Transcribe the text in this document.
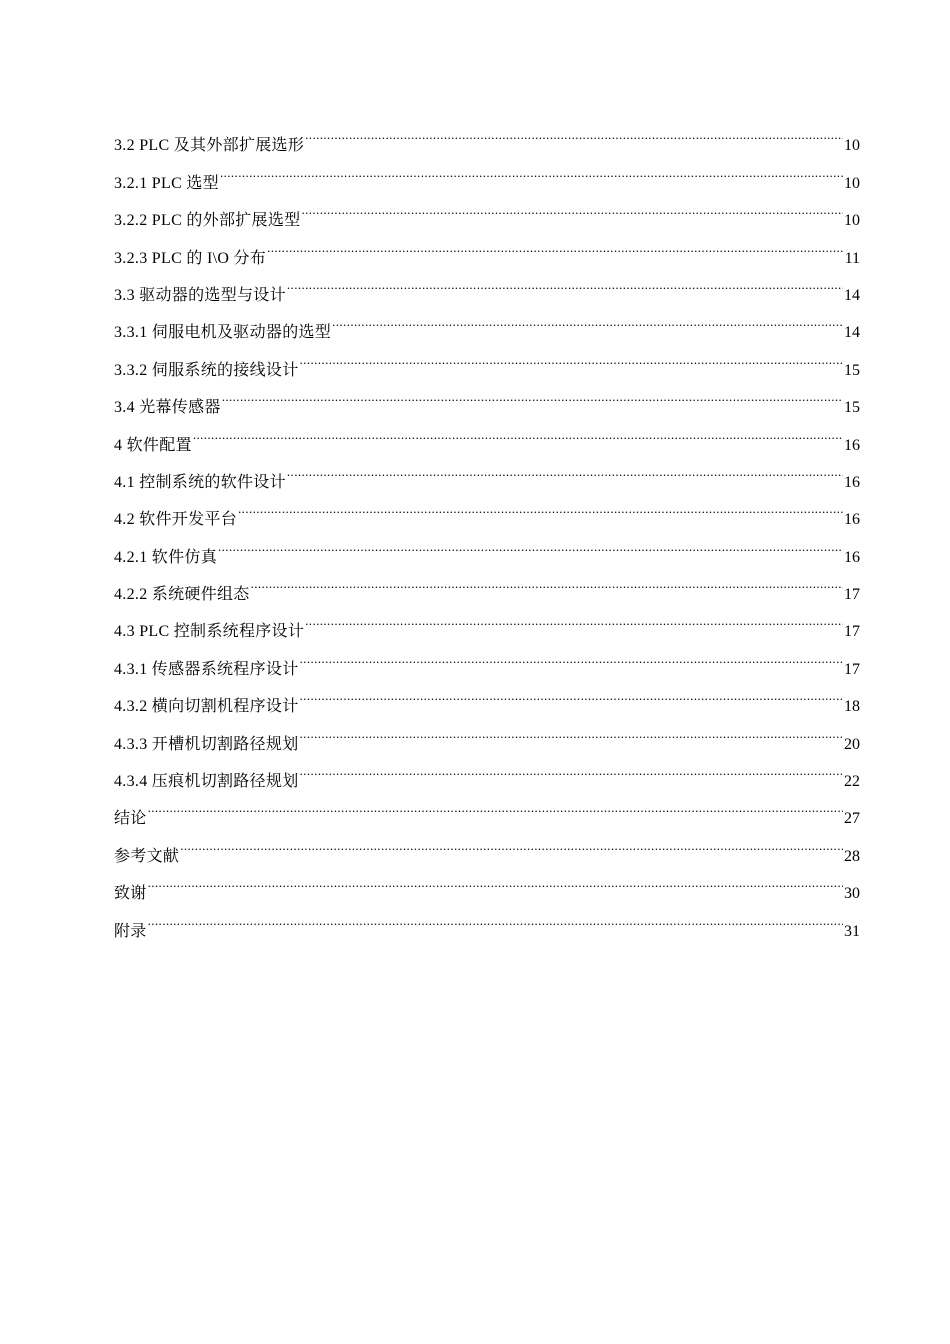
3.2 PLC 及其外部扩展选形 .....	10
3.2.1 PLC 选型 .....	10
3.2.2 PLC 的外部扩展选型 .....	10
3.2.3 PLC 的 I\O 分布 .....	11
3.3 驱动器的选型与设计 .....	14
3.3.1 伺服电机及驱动器的选型 .....	14
3.3.2 伺服系统的接线设计 .....	15
3.4 光幕传感器 .....	15
4 软件配置 .....	16
4.1 控制系统的软件设计 .....	16
4.2 软件开发平台 .....	16
4.2.1 软件仿真 .....	16
4.2.2 系统硬件组态 .....	17
4.3 PLC 控制系统程序设计 .....	17
4.3.1 传感器系统程序设计 .....	17
4.3.2 横向切割机程序设计 .....	18
4.3.3 开槽机切割路径规划 .....	20
4.3.4 压痕机切割路径规划 .....	22
结论 .....	27
参考文献 .....	28
致谢 .....	30
附录 .....	31
